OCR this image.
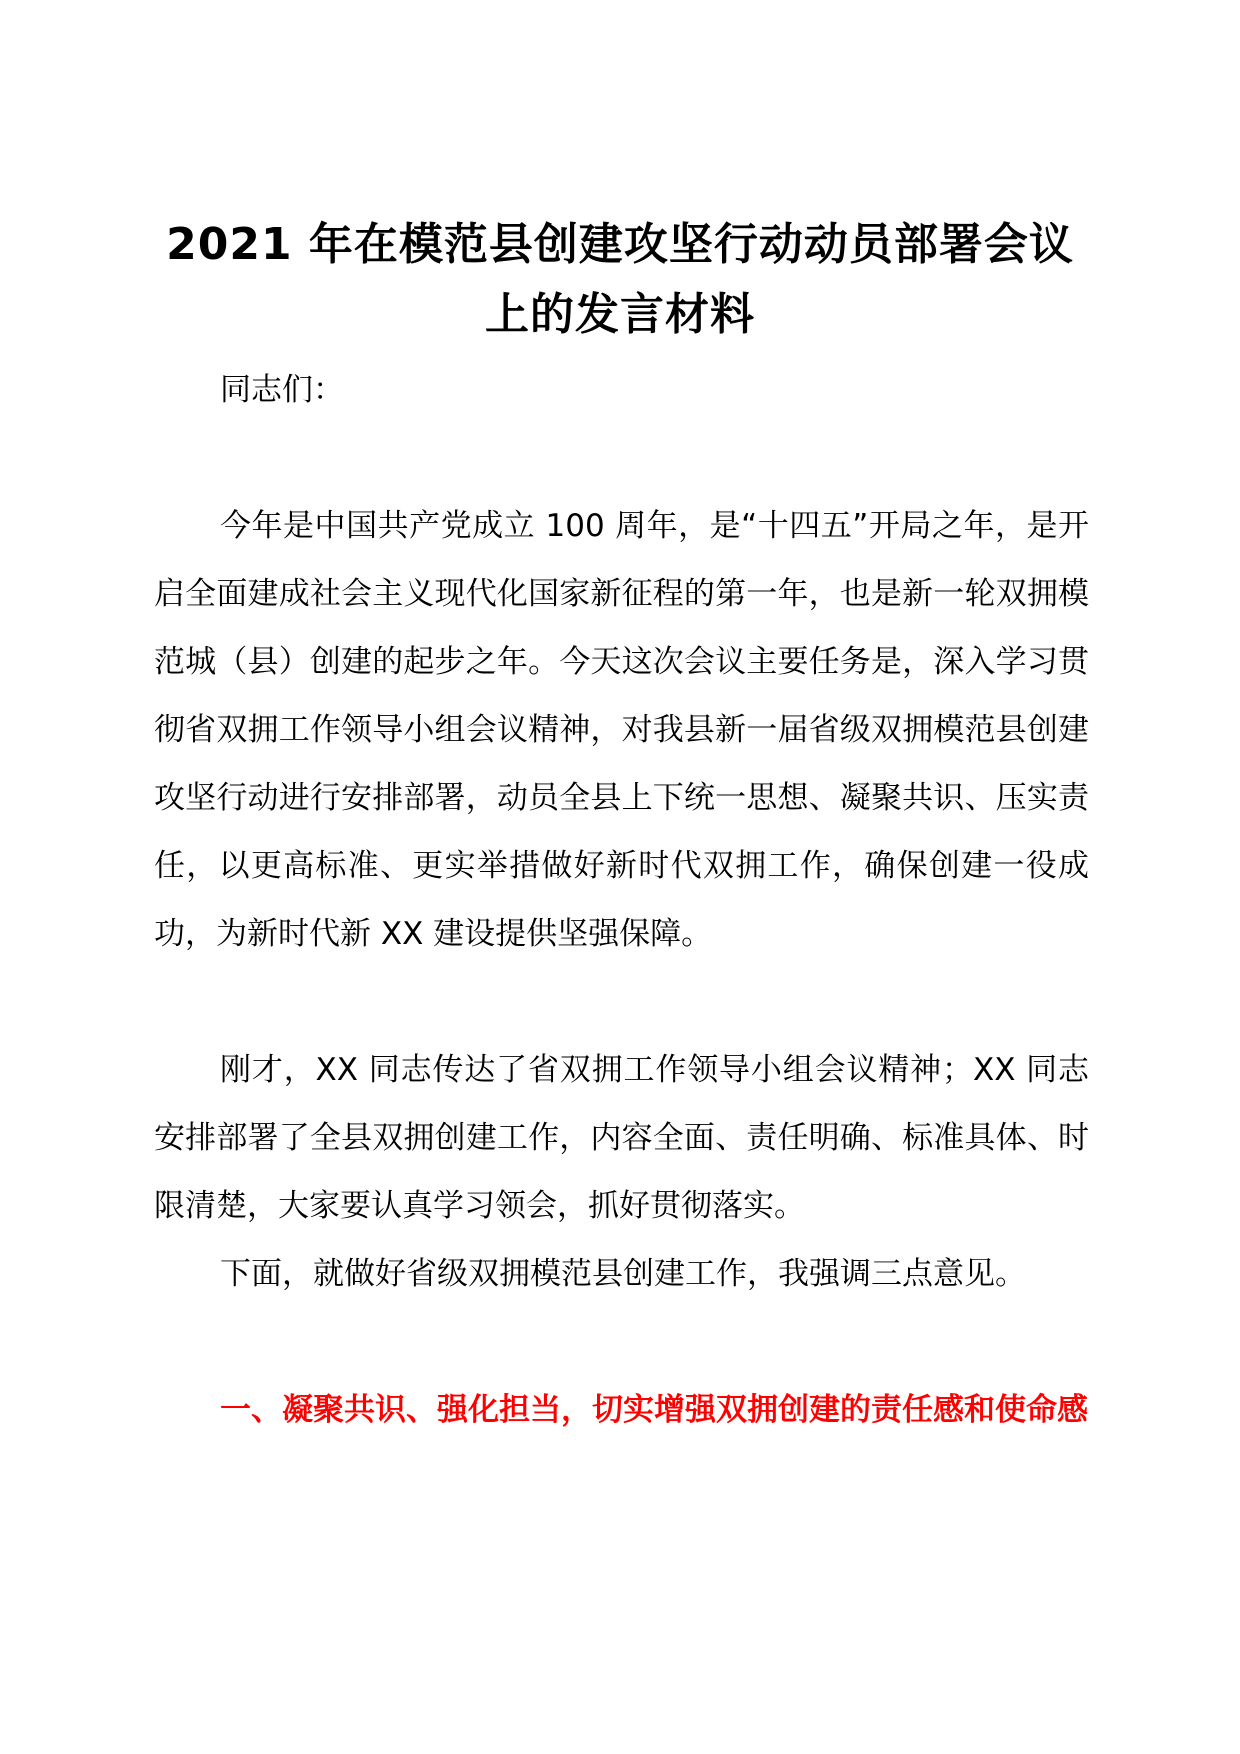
2021 年在模范县创建攻坚行动动员部署会议
上的发言材料

同志们：

今年是中国共产党成立 100 周年，是“十四五”开局之年，是开启全面建成社会主义现代化国家新征程的第一年，也是新一轮双拥模范城（县）创建的起步之年。今天这次会议主要任务是，深入学习贯彻省双拥工作领导小组会议精神，对我县新一届省级双拥模范县创建攻坚行动进行安排部署，动员全县上下统一思想、凝聚共识、压实责任，以更高标准、更实举措做好新时代双拥工作，确保创建一役成功，为新时代新 XX 建设提供坚强保障。

刚才，XX 同志传达了省双拥工作领导小组会议精神；XX 同志安排部署了全县双拥创建工作，内容全面、责任明确、标准具体、时限清楚，大家要认真学习领会，抓好贯彻落实。

下面，就做好省级双拥模范县创建工作，我强调三点意见。

一、凝聚共识、强化担当，切实增强双拥创建的责任感和使命感
